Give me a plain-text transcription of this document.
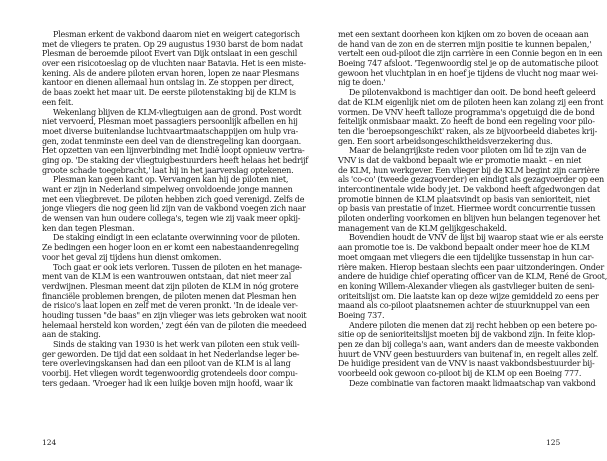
Plesman erkent de vakbond daarom niet en weigert categorisch
met de vliegers te praten. Op 29 augustus 1930 barst de bom nadat
Plesman de beroemde piloot Evert van Dijk ontslaat in een geschil
over een risicotoeslag op de vluchten naar Batavia. Het is een miste-
kening. Als de andere piloten ervan horen, lopen ze naar Plesmans
kantoor en dienen allemaal hun ontslag in. Ze stoppen per direct,
de baas zoekt het maar uit. De eerste pilotenstaking bij de KLM is
een feit.
Wekenlang blijven de KLM-vliegtuigen aan de grond. Post wordt
niet vervoerd, Plesman moet passagiers persoonlijk afbellen en hij
moet diverse buitenlandse luchtvaartmaatschappijen om hulp vra-
gen, zodat tenminste een deel van de dienstregeling kan doorgaan.
Het opzetten van een lijnverbinding met Indië loopt opnieuw vertra-
ging op. 'De staking der vliegtuigbestuurders heeft helaas het bedrijf
groote schade toegebracht,' laat hij in het jaarverslag optekenen.
Plesman kan geen kant op. Vervangen kan hij de piloten niet,
want er zijn in Nederland simpelweg onvoldoende jonge mannen
met een vliegbrevet. De piloten hebben zich goed verenigd. Zelfs de
jonge vliegers die nog geen lid zijn van de vakbond voegen zich naar
de wensen van hun oudere collega's, tegen wie zij vaak meer opkij-
ken dan tegen Plesman.
De staking eindigt in een eclatante overwinning voor de piloten.
Ze bedingen een hoger loon en er komt een nabestaandenregeling
voor het geval zij tijdens hun dienst omkomen.
Toch gaat er ook iets verloren. Tussen de piloten en het manage-
ment van de KLM is een wantrouwen ontstaan, dat niet meer zal
verdwijnen. Plesman meent dat zijn piloten de KLM in nóg grotere
financiële problemen brengen, de piloten menen dat Plesman hen
de risico's laat lopen en zelf met de veren pronkt. 'In de ideale ver-
houding tussen "de baas" en zijn vlieger was iets gebroken wat nooit
helemaal hersteld kon worden,' zegt één van de piloten die meedeed
aan de staking.
Sinds de staking van 1930 is het werk van piloten een stuk veili-
ger geworden. De tijd dat een soldaat in het Nederlandse leger be-
tere overlevingskansen had dan een piloot van de KLM is al lang
voorbij. Het vliegen wordt tegenwoordig grotendeels door compu-
ters gedaan. 'Vroeger had ik een luikje boven mijn hoofd, waar ik
met een sextant doorheen kon kijken om zo boven de oceaan aan
de hand van de zon en de sterren mijn positie te kunnen bepalen,'
vertelt een oud-piloot die zijn carrière in een Connie begon en in een
Boeing 747 afsloot. 'Tegenwoordig stel je op de automatische piloot
gewoon het vluchtplan in en hoef je tijdens de vlucht nog maar wei-
nig te doen.'
De pilotenvakbond is machtiger dan ooit. De bond heeft geleerd
dat de KLM eigenlijk niet om de piloten heen kan zolang zij een front
vormen. De VNV heeft talloze programma's opgetuigd die de bond
feitelijk onmisbaar maakt. Zo heeft de bond een regeling voor pilo-
ten die 'beroepsongeschikt' raken, als ze bijvoorbeeld diabetes krij-
gen. Een soort arbeidsongeschiktheidsverzekering dus.
Maar de belangrijkste reden voor piloten om lid te zijn van de
VNV is dat de vakbond bepaalt wie er promotie maakt – en niet
de KLM, hun werkgever. Een vlieger bij de KLM begint zijn carrière
als 'co-co' (tweede gezagvoerder) en eindigt als gezagvoerder op een
intercontinentale wide body jet. De vakbond heeft afgedwongen dat
promotie binnen de KLM plaatsvindt op basis van senioriteit, niet
op basis van prestatie of inzet. Hiermee wordt concurrentie tussen
piloten onderling voorkomen en blijven hun belangen tegenover het
management van de KLM gelijkgeschakeld.
Bovendien houdt de VNV de lijst bij waarop staat wie er als eerste
aan promotie toe is. De vakbond bepaalt onder meer hoe de KLM
moet omgaan met vliegers die een tijdelijke tussenstap in hun car-
rière maken. Hierop bestaan slechts een paar uitzonderingen. Onder
andere de huidige chief operating officer van de KLM, René de Groot,
en koning Willem-Alexander vliegen als gastvlieger buiten de seni-
oriteitslijst om. Die laatste kan op deze wijze gemiddeld zo eens per
maand als co-piloot plaatsnemen achter de stuurknuppel van een
Boeing 737.
Andere piloten die menen dat zij recht hebben op een betere po-
sitie op de senioriteitslijst moeten bij de vakbond zijn. In feite klop-
pen ze dan bij collega's aan, want anders dan de meeste vakbonden
huurt de VNV geen bestuurders van buitenaf in, en regelt alles zelf.
De huidige president van de VNV is naast vakbondsbestuurder bij-
voorbeeld ook gewoon co-piloot bij de KLM op een Boeing 777.
Deze combinatie van factoren maakt lidmaatschap van vakbond
124	125
